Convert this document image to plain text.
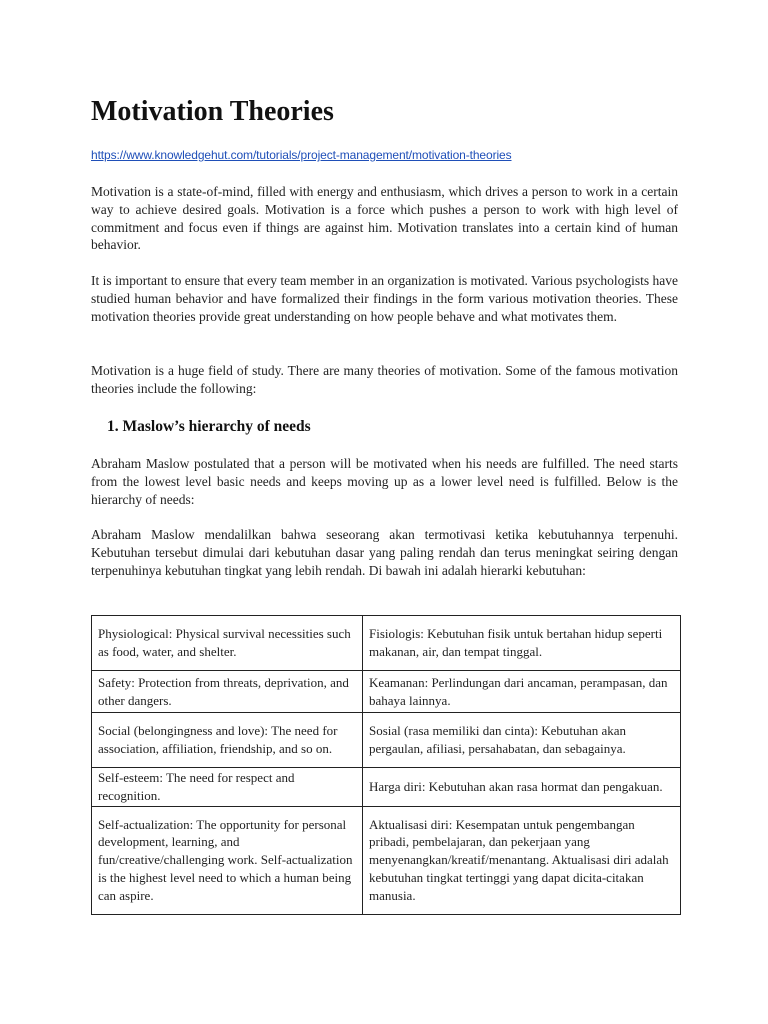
Motivation Theories
https://www.knowledgehut.com/tutorials/project-management/motivation-theories

Motivation is a state-of-mind, filled with energy and enthusiasm, which drives a person to work in a certain way to achieve desired goals. Motivation is a force which pushes a person to work with high level of commitment and focus even if things are against him. Motivation translates into a certain kind of human behavior.

It is important to ensure that every team member in an organization is motivated. Various psychologists have studied human behavior and have formalized their findings in the form various motivation theories. These motivation theories provide great understanding on how people behave and what motivates them.

Motivation is a huge field of study. There are many theories of motivation. Some of the famous motivation theories include the following:

1. Maslow’s hierarchy of needs

Abraham Maslow postulated that a person will be motivated when his needs are fulfilled. The need starts from the lowest level basic needs and keeps moving up as a lower level need is fulfilled. Below is the hierarchy of needs:

Abraham Maslow mendalilkan bahwa seseorang akan termotivasi ketika kebutuhannya terpenuhi. Kebutuhan tersebut dimulai dari kebutuhan dasar yang paling rendah dan terus meningkat seiring dengan terpenuhinya kebutuhan tingkat yang lebih rendah. Di bawah ini adalah hierarki kebutuhan:

Physiological: Physical survival necessities such as food, water, and shelter.	Fisiologis: Kebutuhan fisik untuk bertahan hidup seperti makanan, air, dan tempat tinggal.
Safety: Protection from threats, deprivation, and other dangers.	Keamanan: Perlindungan dari ancaman, perampasan, dan bahaya lainnya.
Social (belongingness and love): The need for association, affiliation, friendship, and so on.	Sosial (rasa memiliki dan cinta): Kebutuhan akan pergaulan, afiliasi, persahabatan, dan sebagainya.
Self-esteem: The need for respect and recognition.	Harga diri: Kebutuhan akan rasa hormat dan pengakuan.
Self-actualization: The opportunity for personal development, learning, and fun/creative/challenging work. Self-actualization is the highest level need to which a human being can aspire.	Aktualisasi diri: Kesempatan untuk pengembangan pribadi, pembelajaran, dan pekerjaan yang menyenangkan/kreatif/menantang. Aktualisasi diri adalah kebutuhan tingkat tertinggi yang dapat dicita-citakan manusia.
